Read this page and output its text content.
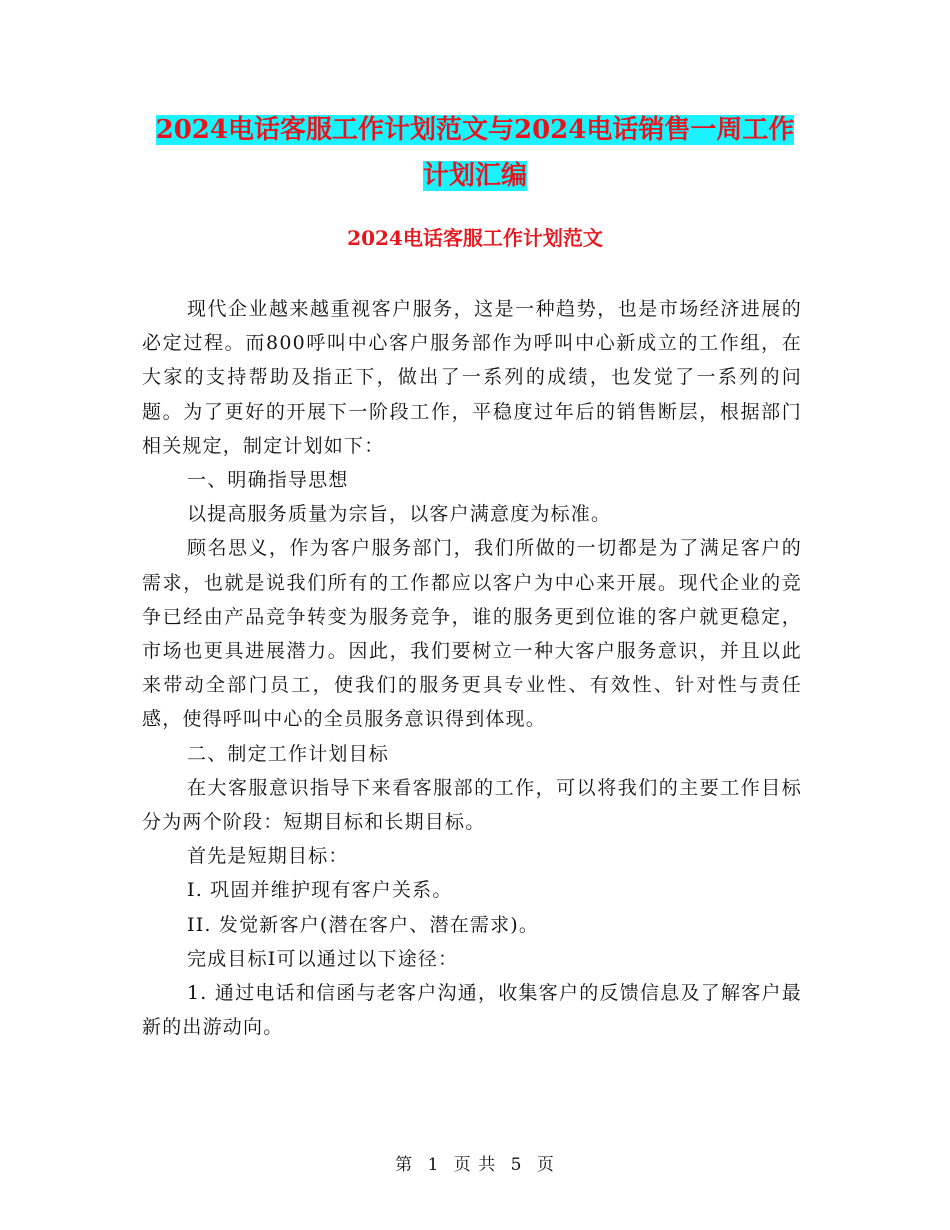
2024电话客服工作计划范文与2024电话销售一周工作
计划汇编
2024电话客服工作计划范文

现代企业越来越重视客户服务，这是一种趋势，也是市场经济进展的必定过程。而800呼叫中心客户服务部作为呼叫中心新成立的工作组，在大家的支持帮助及指正下，做出了一系列的成绩，也发觉了一系列的问题。为了更好的开展下一阶段工作，平稳度过年后的销售断层，根据部门相关规定，制定计划如下：

一、明确指导思想

以提高服务质量为宗旨，以客户满意度为标准。

顾名思义，作为客户服务部门，我们所做的一切都是为了满足客户的需求，也就是说我们所有的工作都应以客户为中心来开展。现代企业的竞争已经由产品竞争转变为服务竞争，谁的服务更到位谁的客户就更稳定，市场也更具进展潜力。因此，我们要树立一种大客户服务意识，并且以此来带动全部门员工，使我们的服务更具专业性、有效性、针对性与责任感，使得呼叫中心的全员服务意识得到体现。

二、制定工作计划目标

在大客服意识指导下来看客服部的工作，可以将我们的主要工作目标分为两个阶段：短期目标和长期目标。

首先是短期目标：

I. 巩固并维护现有客户关系。

II. 发觉新客户(潜在客户、潜在需求)。

完成目标I可以通过以下途径：

1. 通过电话和信函与老客户沟通，收集客户的反馈信息及了解客户最新的出游动向。

第 1 页 共 5 页
